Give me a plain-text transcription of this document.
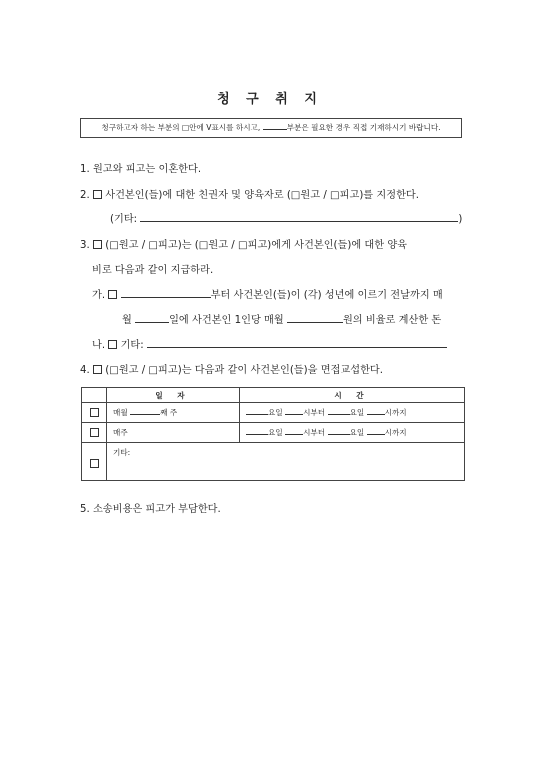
청 구 취 지
청구하고자 하는 부분의 □안에 V표시를 하시고,	부분은 필요한 경우 직접 기재하시기 바랍니다.
1. 원고와 피고는 이혼한다.
2. 사건본인(들)에 대한 친권자 및 양육자로 (□원고 / □피고)를 지정한다.
(기타:	)
3. (□원고 / □피고)는 (□원고 / □피고)에게 사건본인(들)에 대한 양육
비로 다음과 같이 지급하라.
가.	부터 사건본인(들)이 (각) 성년에 이르기 전날까지 매
월	일에 사건본인 1인당 매월	원의 비율로 계산한 돈
나. 기타:
4. (□원고 / □피고)는 다음과 같이 사건본인(들)을 면접교섭한다.
	일 자	시 간
	매월 째 주	요일 시부터 요일 시까지
	매주	요일 시부터 요일 시까지
	기타:	
5. 소송비용은 피고가 부담한다.
